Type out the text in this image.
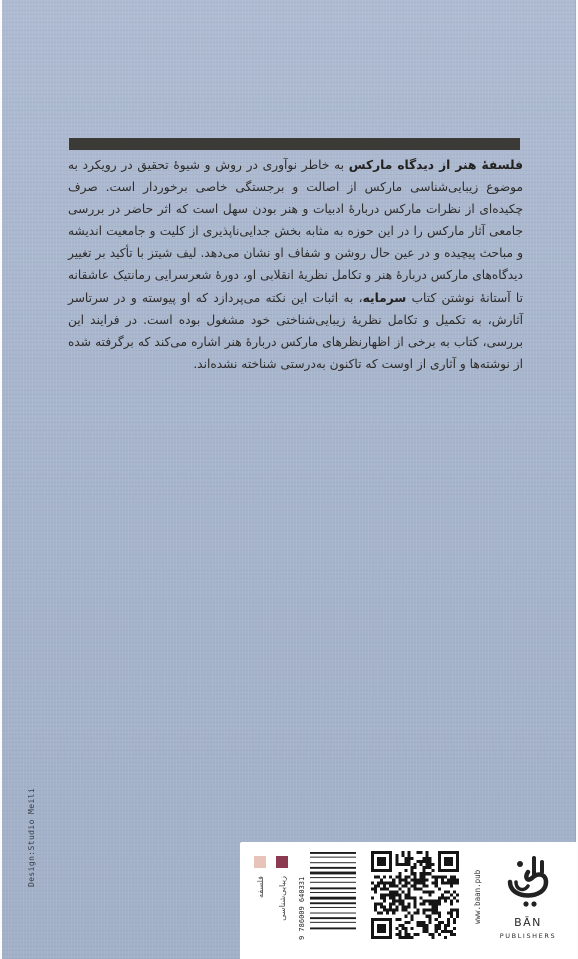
فلسفهٔ هنر از دیدگاه مارکس به خاطر نوآوری در روش و شیوهٔ تحقیق در رویکرد به موضوع زیبایی‌شناسی مارکس از اصالت و برجستگی خاصی برخوردار است. صرف چکیده‌ای از نظرات مارکس دربارهٔ ادبیات و هنر بودن سهل است که اثر حاضر در بررسی جامعی آثار مارکس را در این حوزه به مثابه بخش جدایی‌ناپذیری از کلیت و جامعیت اندیشه و مباحث پیچیده و در عین حال روشن و شفاف او نشان می‌دهد. لیف شیتز با تأکید بر تغییر دیدگاه‌های مارکس دربارهٔ هنر و تکامل نظریهٔ انقلابی او، دورهٔ شعرسرایی رمانتیک عاشقانه تا آستانهٔ نوشتن کتاب سرمایه، به اثبات این نکته می‌پردازد که او پیوسته و در سرتاسر آثارش، به تکمیل و تکامل نظریهٔ زیبایی‌شناختی خود مشغول بوده است. در فرایند این بررسی، کتاب به برخی از اظهارنظرهای مارکس دربارهٔ هنر اشاره می‌کند که برگرفته شده از نوشته‌ها و آثاری از اوست که تاکنون به‌درستی شناخته نشده‌اند.

Design:Studio Meili	فلسفه زیبایی‌شناسی 9 786009 640331	www.baan.pub	BĀN
PUBLISHERS
